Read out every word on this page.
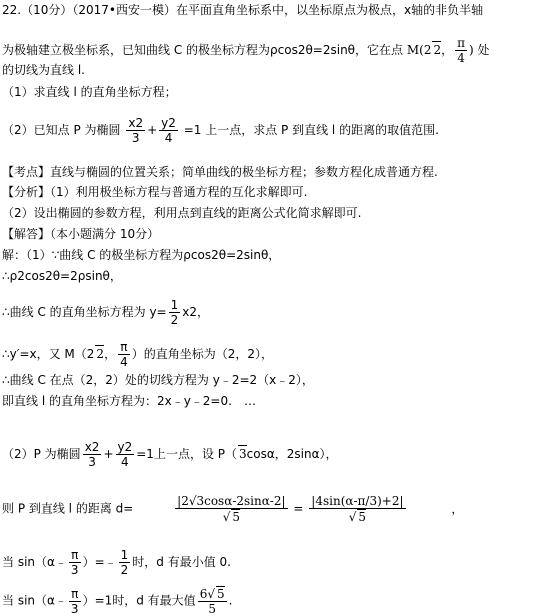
22.（10分）（2017•西安一模）在平面直角坐标系中，以坐标原点为极点，x轴的非负半轴
为极轴建立极坐标系，已知曲线 C 的极坐标方程为ρcos2θ=2sinθ，它在点 M(2 2， $\frac{\pi}{4}$ ) 处
的切线为直线 l.
（1）求直线 l 的直角坐标方程；
（2）已知点 P 为椭圆 $\frac{x2}{3} + \frac{y2}{4} =1$ 上一点，求点 P 到直线 l 的距离的取值范围.
【考点】直线与椭圆的位置关系；简单曲线的极坐标方程；参数方程化成普通方程.
【分析】（1）利用极坐标方程与普通方程的互化求解即可.
（2）设出椭圆的参数方程，利用点到直线的距离公式化简求解即可.
【解答】（本小题满分 10分）
解：（1）∵曲线 C 的极坐标方程为ρcos2θ=2sinθ，
∴ρ2cos2θ=2ρsinθ，
∴曲线 C 的直角坐标方程为 $y= \frac{1}{2} x2$，
∴y′=x，又 M（2 2， $\frac{\pi}{4}$ ）的直角坐标为（2，2），
∴曲线 C 在点（2，2）处的切线方程为 y﹣2=2（x﹣2），
即直线 l 的直角坐标方程为：2x﹣y﹣2=0.　…
（2）P 为椭圆 $\frac{x2}{3} + \frac{y2}{4} =1$上一点，设 P（ 3cosα，2sinα），
则 P 到直线 l 的距离 d=	$\frac{|2√3\cos\alpha-2\sin\alpha-2|}{√ 5} = \frac{|4\sin(\alpha-\pi/3)+2|}{√ 5}$	，
当 sin（α﹣ $\frac{\pi}{3}$ ）=﹣ $\frac{1}{2}$ 时，d 有最小值 0.
当 sin（α﹣ $\frac{\pi}{3} )=1$时，d 有最大值 $\frac{6√ 5}{5}$ .
